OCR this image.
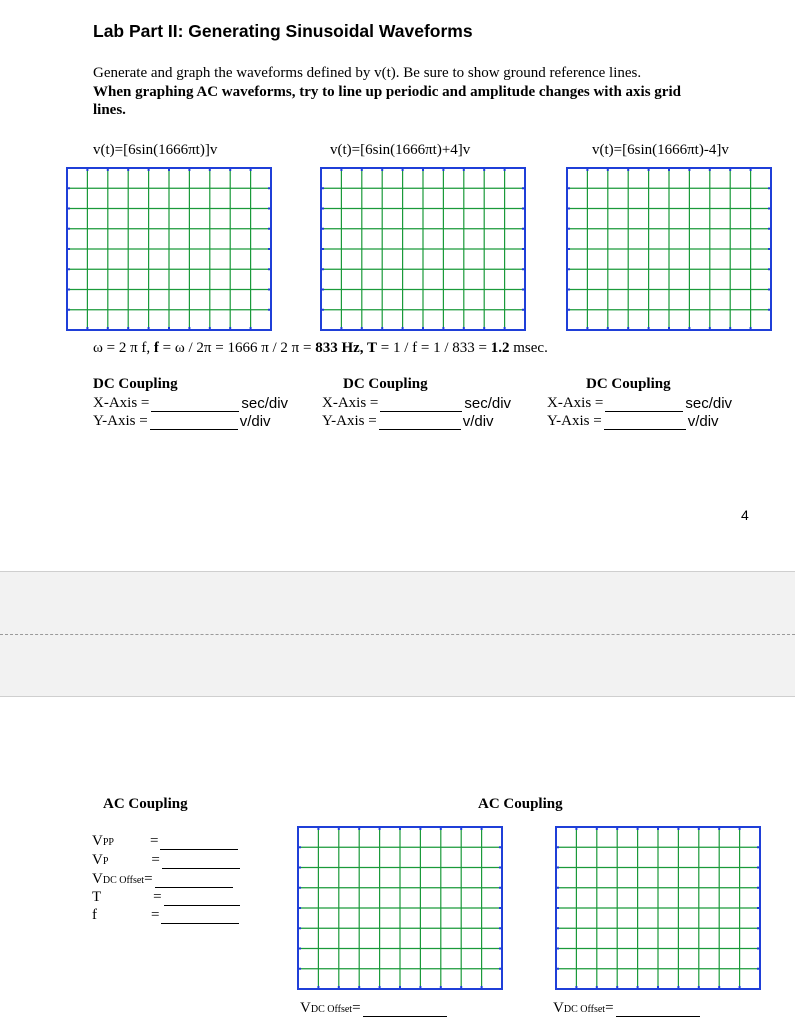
Lab Part II: Generating Sinusoidal Waveforms
Generate and graph the waveforms defined by v(t). Be sure to show ground reference lines.
When graphing AC waveforms, try to line up periodic and amplitude changes with axis grid
lines.
v(t)=[6sin(1666πt)]v	v(t)=[6sin(1666πt)+4]v	v(t)=[6sin(1666πt)-4]v
ω = 2 π f, f = ω / 2π = 1666 π / 2 π = 833 Hz, T = 1 / f = 1 / 833 = 1.2 msec.
DC Coupling
X-Axis =	sec/div
Y-Axis =	v/div
DC Coupling
X-Axis =	sec/div
Y-Axis =	v/div
DC Coupling
X-Axis =	sec/div
Y-Axis =	v/div
4
AC Coupling
VPP =
VP	=
VDC Offset =
T	=
f	=
AC Coupling
VDC Offset =	VDC Offset =
